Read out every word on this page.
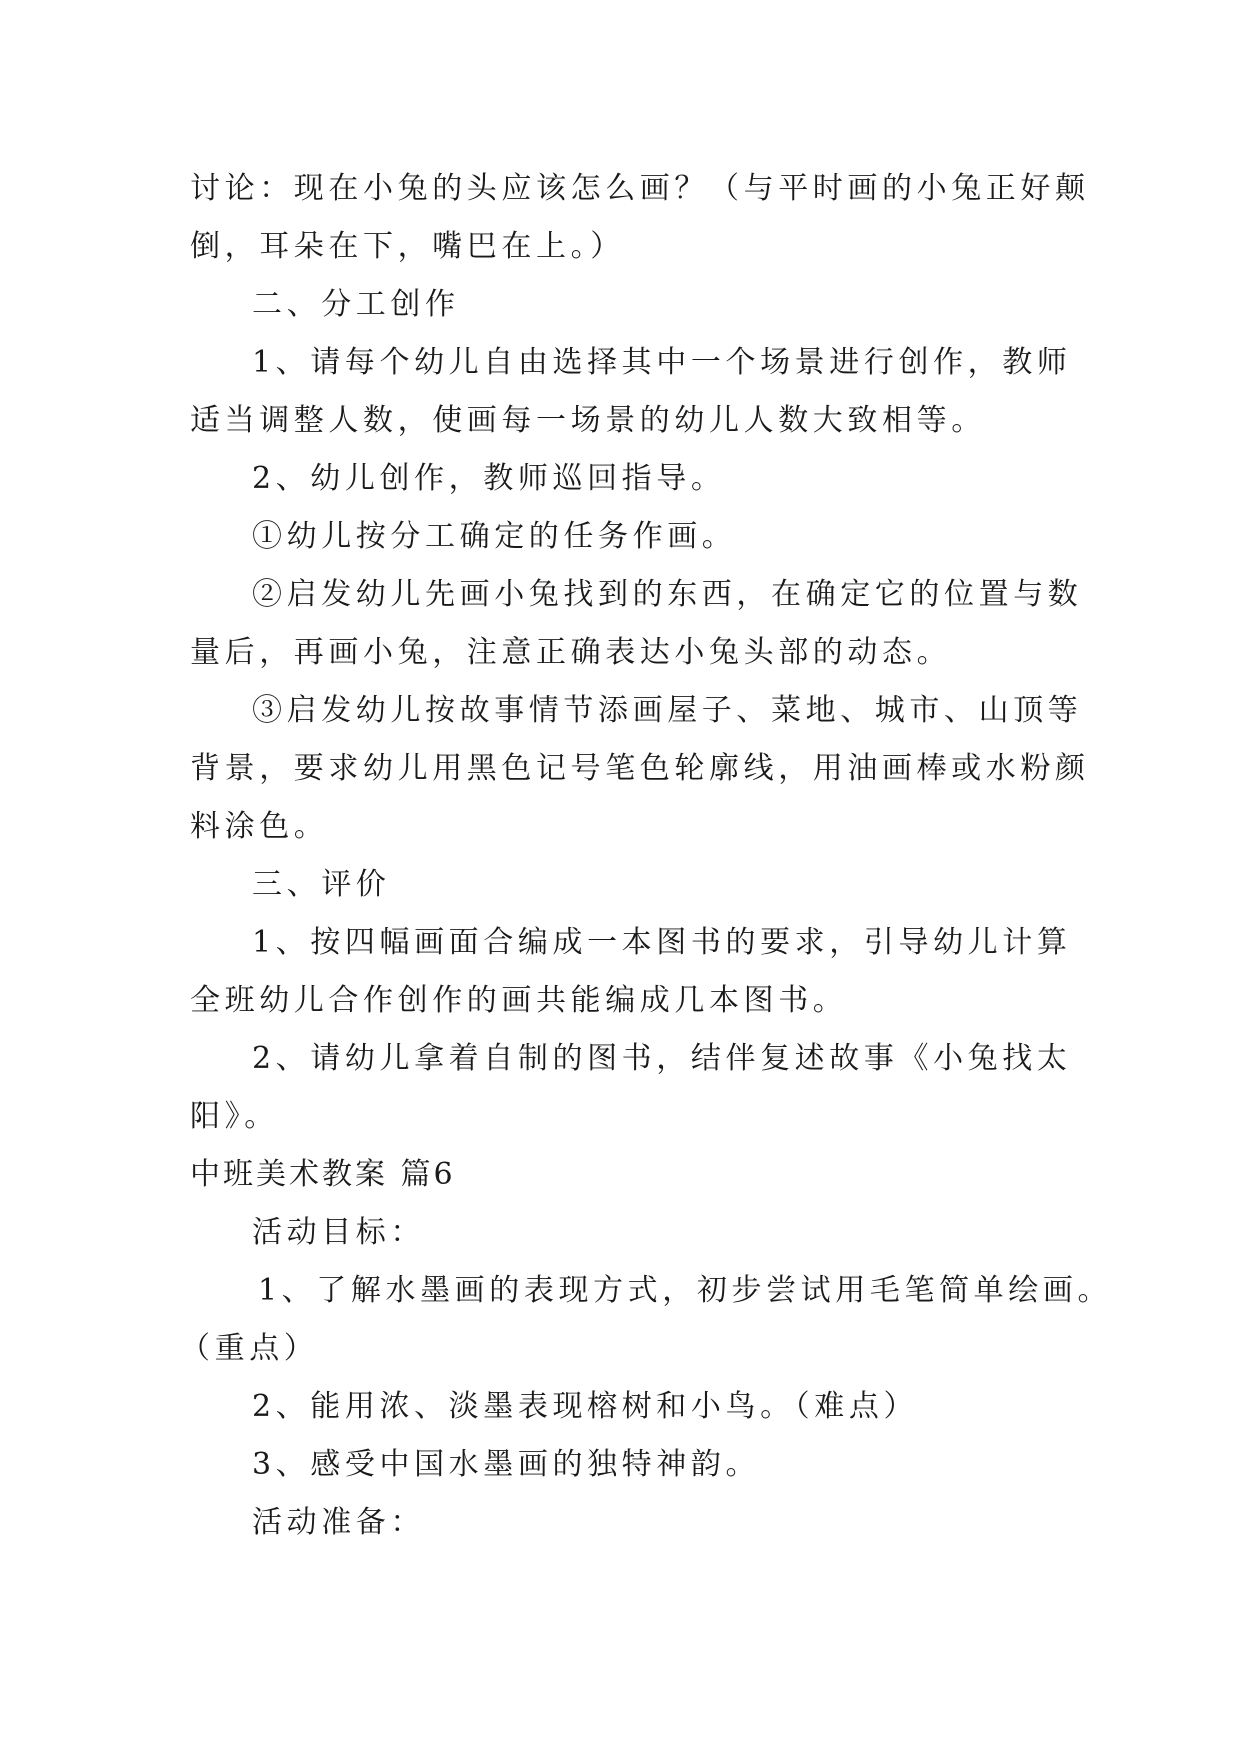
讨论：现在小兔的头应该怎么画？（与平时画的小兔正好颠
倒，耳朵在下，嘴巴在上。）
二、分工创作
1、请每个幼儿自由选择其中一个场景进行创作，教师
适当调整人数，使画每一场景的幼儿人数大致相等。
2、幼儿创作，教师巡回指导。
①幼儿按分工确定的任务作画。
②启发幼儿先画小兔找到的东西，在确定它的位置与数
量后，再画小兔，注意正确表达小兔头部的动态。
③启发幼儿按故事情节添画屋子、菜地、城市、山顶等
背景，要求幼儿用黑色记号笔色轮廓线，用油画棒或水粉颜
料涂色。
三、评价
1、按四幅画面合编成一本图书的要求，引导幼儿计算
全班幼儿合作创作的画共能编成几本图书。
2、请幼儿拿着自制的图书，结伴复述故事《小兔找太
阳》。
中班美术教案 篇6
活动目标：
1、了解水墨画的表现方式，初步尝试用毛笔简单绘画。
（重点）
2、能用浓、淡墨表现榕树和小鸟。（难点）
3、感受中国水墨画的独特神韵。
活动准备：
